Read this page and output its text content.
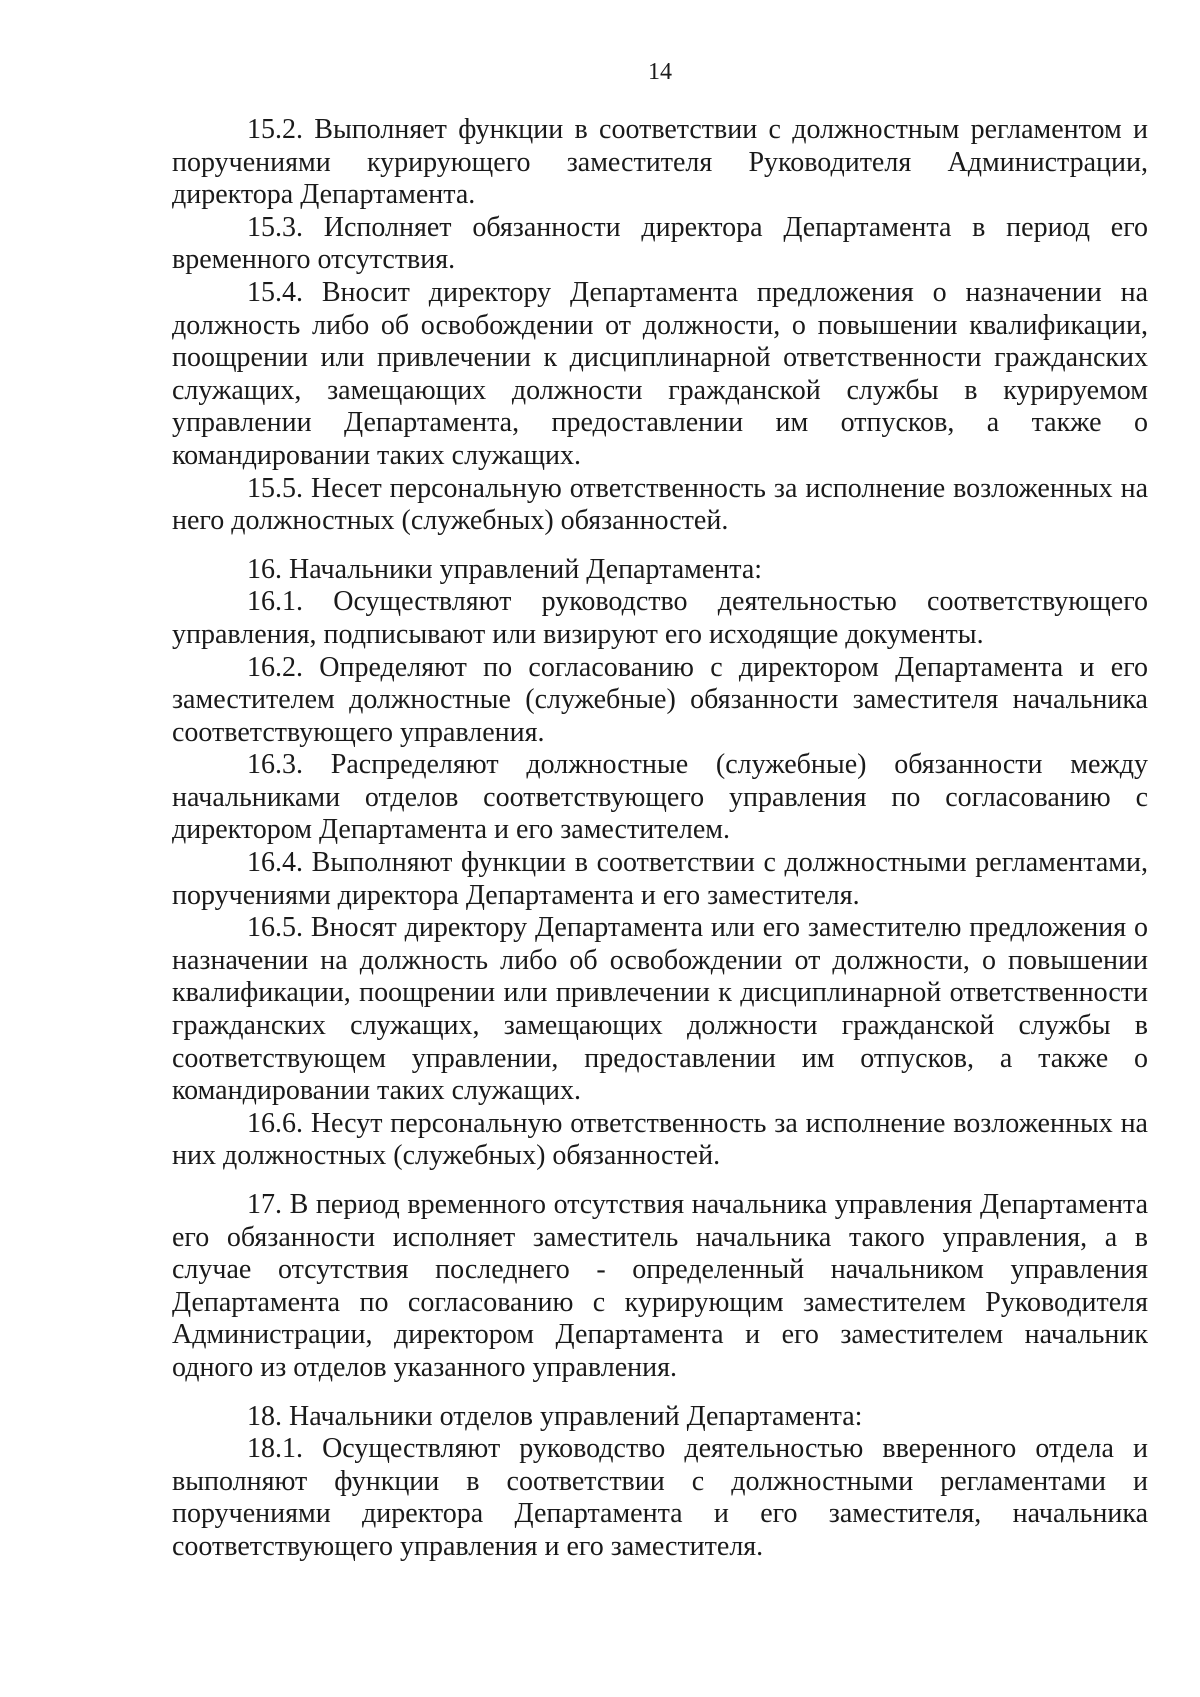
14

15.2. Выполняет функции в соответствии с должностным регламентом и поручениями курирующего заместителя Руководителя Администрации, директора Департамента.

15.3. Исполняет обязанности директора Департамента в период его временного отсутствия.

15.4. Вносит директору Департамента предложения о назначении на должность либо об освобождении от должности, о повышении квалификации, поощрении или привлечении к дисциплинарной ответственности гражданских служащих, замещающих должности гражданской службы в курируемом управлении Департамента, предоставлении им отпусков, а также о командировании таких служащих.

15.5. Несет персональную ответственность за исполнение возложенных на него должностных (служебных) обязанностей.

16. Начальники управлений Департамента:

16.1. Осуществляют руководство деятельностью соответствующего управления, подписывают или визируют его исходящие документы.

16.2. Определяют по согласованию с директором Департамента и его заместителем должностные (служебные) обязанности заместителя начальника соответствующего управления.

16.3. Распределяют должностные (служебные) обязанности между начальниками отделов соответствующего управления по согласованию с директором Департамента и его заместителем.

16.4. Выполняют функции в соответствии с должностными регламентами, поручениями директора Департамента и его заместителя.

16.5. Вносят директору Департамента или его заместителю предложения о назначении на должность либо об освобождении от должности, о повышении квалификации, поощрении или привлечении к дисциплинарной ответственности гражданских служащих, замещающих должности гражданской службы в соответствующем управлении, предоставлении им отпусков, а также о командировании таких служащих.

16.6. Несут персональную ответственность за исполнение возложенных на них должностных (служебных) обязанностей.

17. В период временного отсутствия начальника управления Департамента его обязанности исполняет заместитель начальника такого управления, а в случае отсутствия последнего - определенный начальником управления Департамента по согласованию с курирующим заместителем Руководителя Администрации, директором Департамента и его заместителем начальник одного из отделов указанного управления.

18. Начальники отделов управлений Департамента:

18.1. Осуществляют руководство деятельностью вверенного отдела и выполняют функции в соответствии с должностными регламентами и поручениями директора Департамента и его заместителя, начальника соответствующего управления и его заместителя.
